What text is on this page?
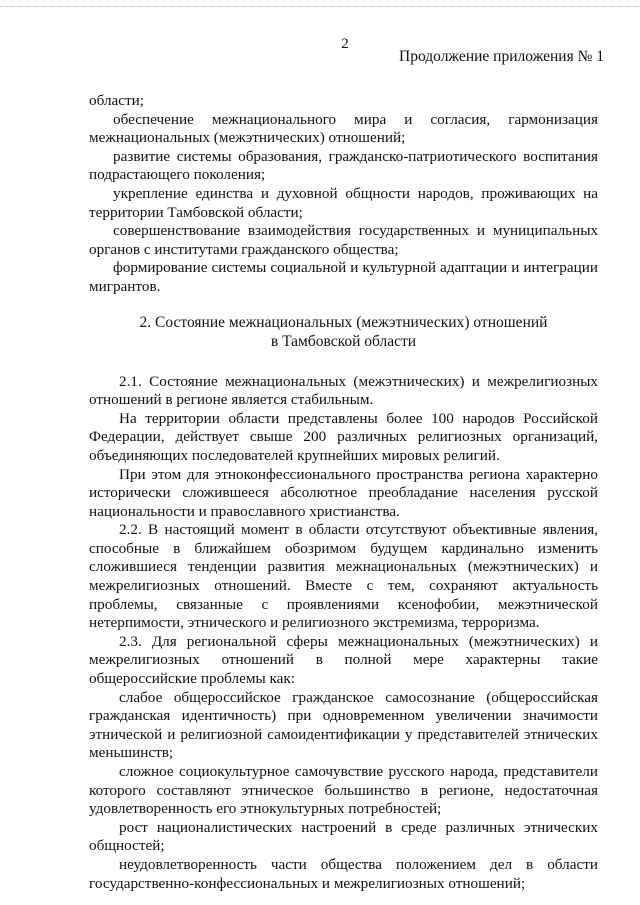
2
Продолжение приложения № 1

области;

обеспечение межнационального мира и согласия, гармонизация межнациональных (межэтнических) отношений;

развитие системы образования, гражданско-патриотического воспитания подрастающего поколения;

укрепление единства и духовной общности народов, проживающих на территории Тамбовской области;

совершенствование взаимодействия государственных и муниципальных органов с институтами гражданского общества;

формирование системы социальной и культурной адаптации и интеграции мигрантов.

2. Состояние межнациональных (межэтнических) отношений
в Тамбовской области

2.1. Состояние межнациональных (межэтнических) и межрелигиозных отношений в регионе является стабильным.

На территории области представлены более 100 народов Российской Федерации, действует свыше 200 различных религиозных организаций, объединяющих последователей крупнейших мировых религий.

При этом для этноконфессионального пространства региона характерно исторически сложившееся абсолютное преобладание населения русской национальности и православного христианства.

2.2. В настоящий момент в области отсутствуют объективные явления, способные в ближайшем обозримом будущем кардинально изменить сложившиеся тенденции развития межнациональных (межэтнических) и межрелигиозных отношений. Вместе с тем, сохраняют актуальность проблемы, связанные с проявлениями ксенофобии, межэтнической нетерпимости, этнического и религиозного экстремизма, терроризма.

2.3. Для региональной сферы межнациональных (межэтнических) и межрелигиозных отношений в полной мере характерны такие общероссийские проблемы как:

слабое общероссийское гражданское самосознание (общероссийская гражданская идентичность) при одновременном увеличении значимости этнической и религиозной самоидентификации у представителей этнических меньшинств;

сложное социокультурное самочувствие русского народа, представители которого составляют этническое большинство в регионе, недостаточная удовлетворенность его этнокультурных потребностей;

рост националистических настроений в среде различных этнических общностей;

неудовлетворенность части общества положением дел в области государственно-конфессиональных и межрелигиозных отношений;
